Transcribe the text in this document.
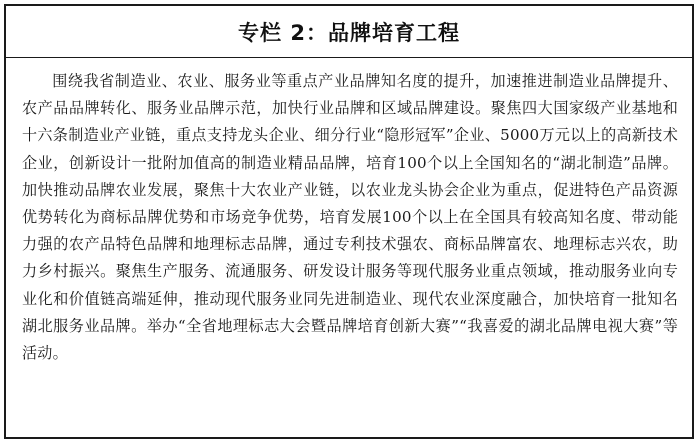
专栏 2：品牌培育工程

围绕我省制造业、农业、服务业等重点产业品牌知名度的提升，加速推进制造业品牌提升、农产品品牌转化、服务业品牌示范，加快行业品牌和区域品牌建设。聚焦四大国家级产业基地和十六条制造业产业链，重点支持龙头企业、细分行业“隐形冠军”企业、5000万元以上的高新技术企业，创新设计一批附加值高的制造业精品品牌，培育100个以上全国知名的“湖北制造”品牌。加快推动品牌农业发展，聚焦十大农业产业链，以农业龙头协会企业为重点，促进特色产品资源优势转化为商标品牌优势和市场竞争优势，培育发展100个以上在全国具有较高知名度、带动能力强的农产品特色品牌和地理标志品牌，通过专利技术强农、商标品牌富农、地理标志兴农，助力乡村振兴。聚焦生产服务、流通服务、研发设计服务等现代服务业重点领域，推动服务业向专业化和价值链高端延伸，推动现代服务业同先进制造业、现代农业深度融合，加快培育一批知名湖北服务业品牌。举办“全省地理标志大会暨品牌培育创新大赛”“我喜爱的湖北品牌电视大赛”等活动。
